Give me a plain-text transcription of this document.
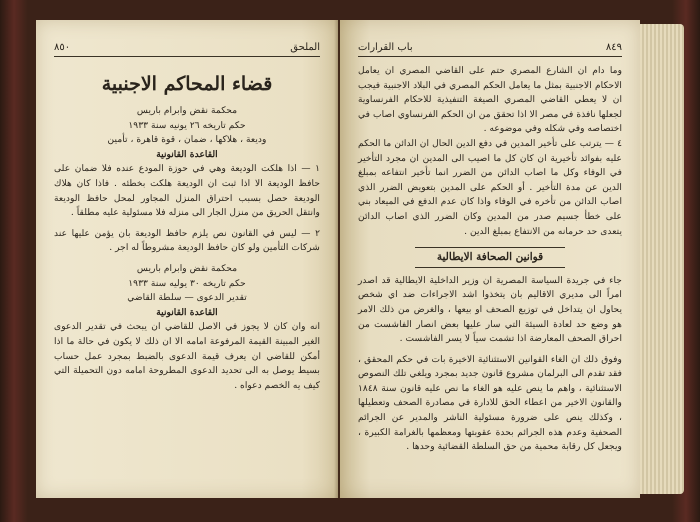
الملحق
٨٥٠
قضاء المحاكم الاجنبية

محكمة نقض وابرام باريس

حكم تاريخه ٢٦ يونيه سنة ١٩٣٣

وديعة ، هلاكها ، ضمان ، قوة قاهرة ، تأمين

القاعدة القانونية

١ — اذا هلكت الوديعة وهي في حوزة المودع عنده فلا ضمان على حافظ الوديعة الا اذا ثبت ان الوديعة هلكت بخطئه . فاذا كان هلاك الوديعة حصل بسبب احتراق المنزل المجاور لمحل حافظ الوديعة وانتقل الحريق من منزل الجار الى منزله فلا مسئولية عليه مطلقاً .

٢ — ليس في القانون نص يلزم حافظ الوديعة بان يؤمن عليها عند شركات التأمين ولو كان حافظ الوديعة مشروطاً له اجر .

محكمة نقض وابرام باريس

حكم تاريخه ٣٠ يوليه سنة ١٩٣٣

تقدير الدعوى — سلطة القاضي

القاعدة القانونية

انه وان كان لا يجوز في الاصل للقاضي ان يبحث في تقدير الدعوى الغير المبينة القيمة المرفوعة امامه الا ان ذلك لا يكون في حالة ما اذا أمكن للقاضي ان يعرف قيمة الدعوى بالضبط بمجرد عمل حساب بسيط يوصل به الى تحديد الدعوى المطروحة امامه دون التحميلة التي كيف يه الخصم دعواه .

٨٤٩
باب القرارات

وما دام ان الشارع المصري حتم على القاضي المصري ان يعامل الاحكام الاجنبية بمثل ما يعامل الحكم المصري في البلاد الاجنبية فيجب ان لا يعطي القاضي المصري الصيغة التنفيذية للاحكام الفرنساوية لجعلها نافذة في مصر الا اذا تحقق من ان الحكم الفرنساوي اصاب في اختصاصه وفي شكله وفي موضوعه .

٤ — يترتب على تأخير المدين في دفع الدين الحال ان الدائن ما الحكم عليه بفوائد تأخيرية ان كان كل ما اصيب الى المدين ان مجرد التأخير في الوفاء وكل ما اصاب الدائن من الضرر انما تأخير انتفاعه بمبلغ الدين عن مدة التأخير . أو الحكم على المدين بتعويض الضرر الذي اصاب الدائن من تأخره في الوفاء واذا كان عدم الدفع في الميعاد بني على خطأ جسيم صدر من المدين وكان الضرر الذي اصاب الدائن يتعدى حد حرمانه من الانتفاع بمبلغ الدين .

قوانين الصحافة الايطالية

جاء في جريدة السياسة المصرية ان وزير الداخلية الايطالية قد اصدر امراً الى مديري الاقاليم بان يتخذوا اشد الاجراءات ضد اي شخص يحاول ان يتداخل في توزيع الصحف او بيعها ، والغرض من ذلك الامر هو وضع حد لعادة السيئة التي سار عليها بعض انصار الفاشست من احراق الصحف المعارضة اذا تشمت سياً لا يسر الفاشست .

وفوق ذلك ان الغاء القوانين الاستثنائية الاخيرة بات في حكم المحقق ، فقد تقدم الى البرلمان مشروع قانون جديد بمجرد ويلغي تلك النصوص الاستثنائية ، واهم ما ينص عليه هو الغاء ما نص عليه قانون سنة ١٨٤٨ والقانون الاخير من اعطاء الحق للادارة في مصادرة الصحف وتعطيلها ، وكذلك ينص على ضرورة مسئولية الناشر والمدير عن الجرائم الصحفية وعدم هذه الجرائم بحدة عقوبتها ومعظمها بالغرامة الكبيرة ، ويجعل كل رقابة محمية من حق السلطة القضائية وحدها .
